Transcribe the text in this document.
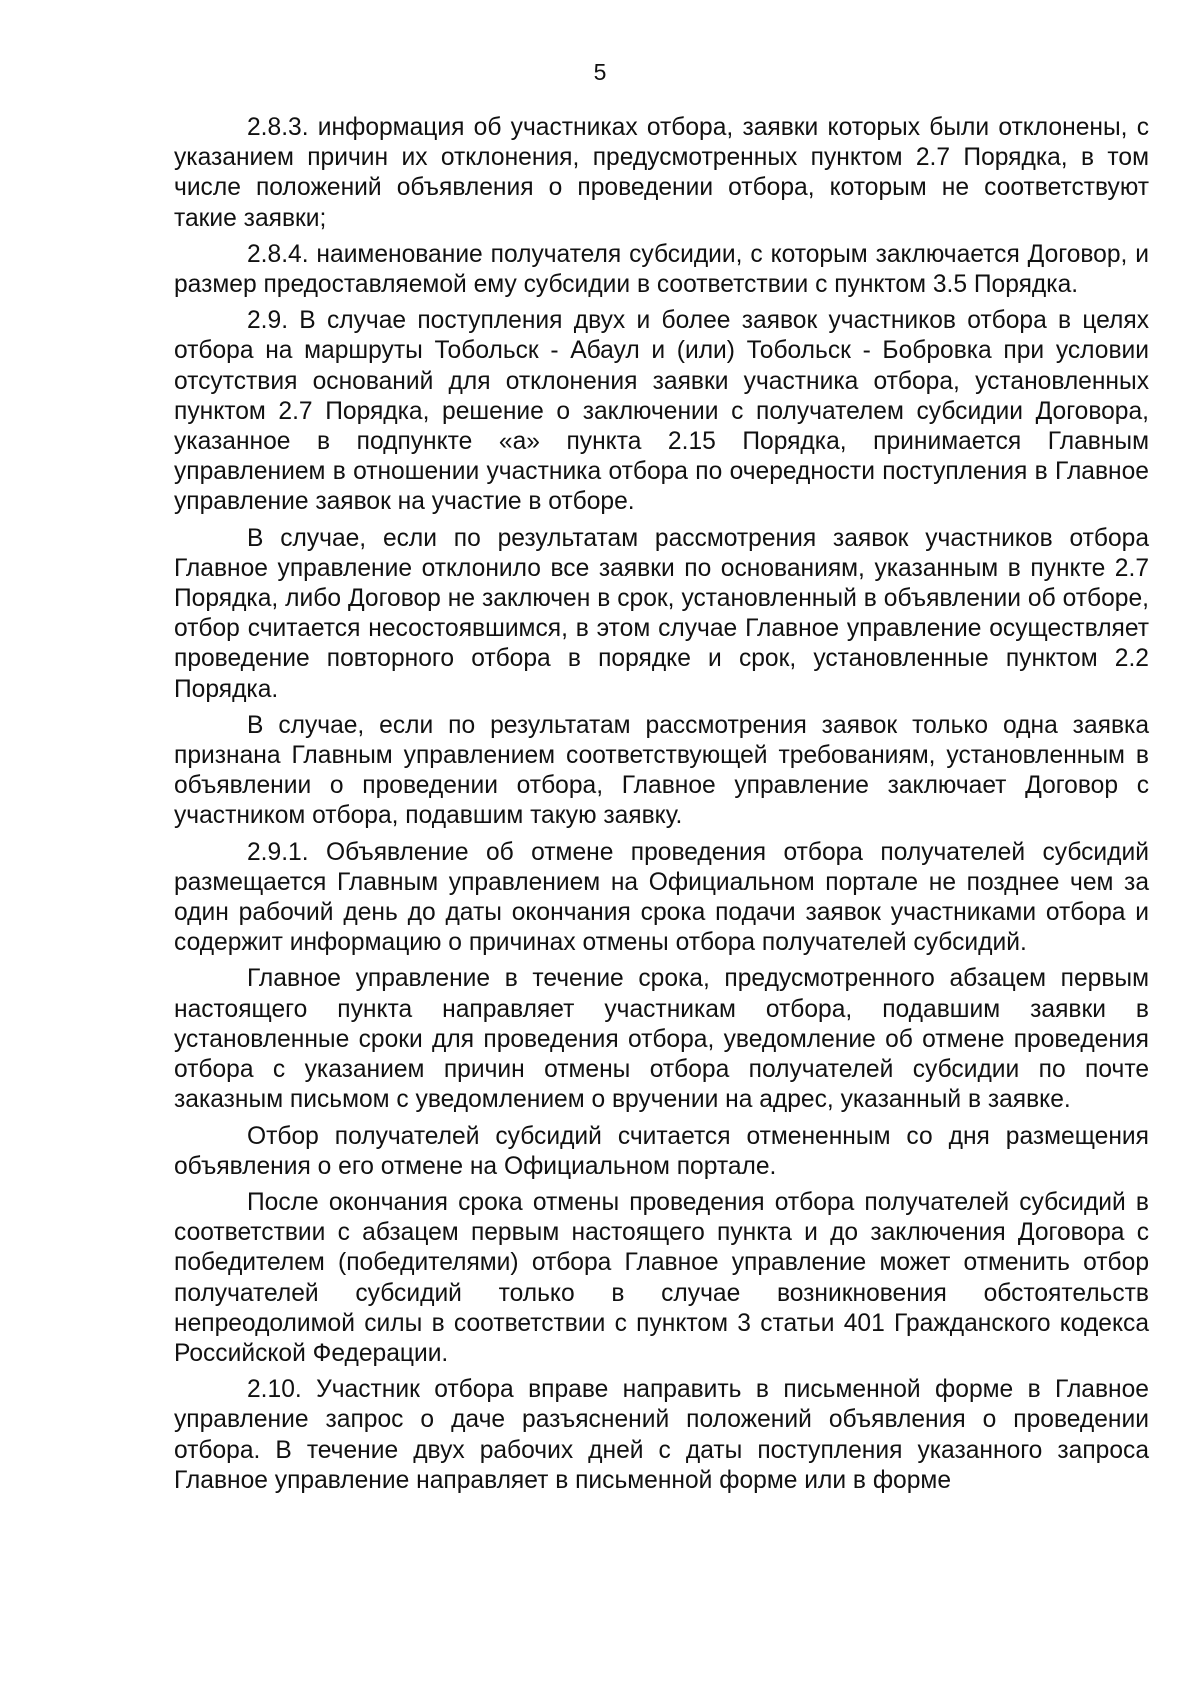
5

2.8.3. информация об участниках отбора, заявки которых были отклонены, с указанием причин их отклонения, предусмотренных пунктом 2.7 Порядка, в том числе положений объявления о проведении отбора, которым не соответствуют такие заявки;

2.8.4. наименование получателя субсидии, с которым заключается Договор, и размер предоставляемой ему субсидии в соответствии с пунктом 3.5 Порядка.

2.9. В случае поступления двух и более заявок участников отбора в целях отбора на маршруты Тобольск - Абаул и (или) Тобольск - Бобровка при условии отсутствия оснований для отклонения заявки участника отбора, установленных пунктом 2.7 Порядка, решение о заключении с получателем субсидии Договора, указанное в подпункте «а» пункта 2.15 Порядка, принимается Главным управлением в отношении участника отбора по очередности поступления в Главное управление заявок на участие в отборе.

В случае, если по результатам рассмотрения заявок участников отбора Главное управление отклонило все заявки по основаниям, указанным в пункте 2.7 Порядка, либо Договор не заключен в срок, установленный в объявлении об отборе, отбор считается несостоявшимся, в этом случае Главное управление осуществляет проведение повторного отбора в порядке и срок, установленные пунктом 2.2 Порядка.

В случае, если по результатам рассмотрения заявок только одна заявка признана Главным управлением соответствующей требованиям, установленным в объявлении о проведении отбора, Главное управление заключает Договор с участником отбора, подавшим такую заявку.

2.9.1. Объявление об отмене проведения отбора получателей субсидий размещается Главным управлением на Официальном портале не позднее чем за один рабочий день до даты окончания срока подачи заявок участниками отбора и содержит информацию о причинах отмены отбора получателей субсидий.

Главное управление в течение срока, предусмотренного абзацем первым настоящего пункта направляет участникам отбора, подавшим заявки в установленные сроки для проведения отбора, уведомление об отмене проведения отбора с указанием причин отмены отбора получателей субсидии по почте заказным письмом с уведомлением о вручении на адрес, указанный в заявке.

Отбор получателей субсидий считается отмененным со дня размещения объявления о его отмене на Официальном портале.

После окончания срока отмены проведения отбора получателей субсидий в соответствии с абзацем первым настоящего пункта и до заключения Договора с победителем (победителями) отбора Главное управление может отменить отбор получателей субсидий только в случае возникновения обстоятельств непреодолимой силы в соответствии с пунктом 3 статьи 401 Гражданского кодекса Российской Федерации.

2.10. Участник отбора вправе направить в письменной форме в Главное управление запрос о даче разъяснений положений объявления о проведении отбора. В течение двух рабочих дней с даты поступления указанного запроса Главное управление направляет в письменной форме или в форме
